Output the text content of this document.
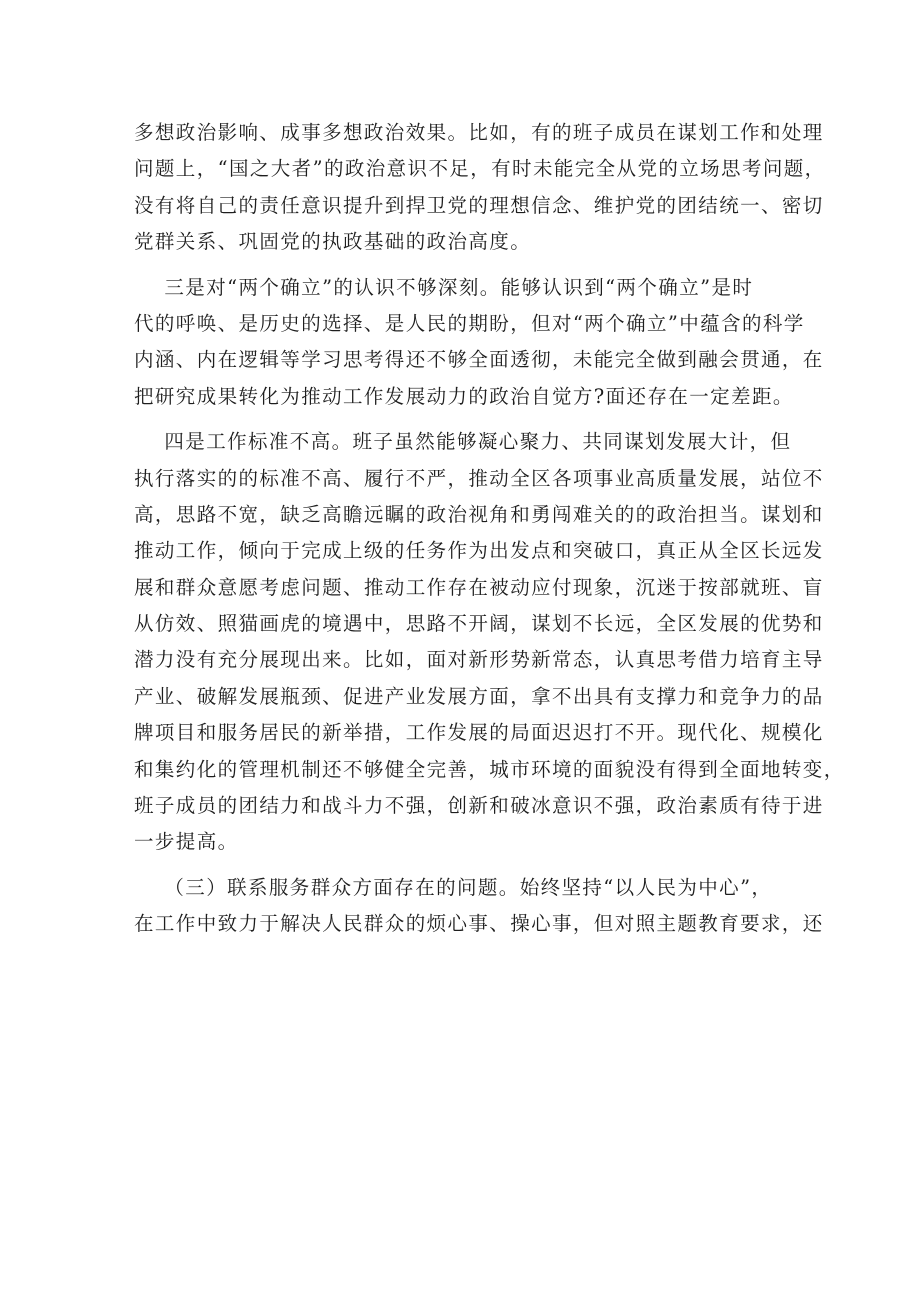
多想政治影响、成事多想政治效果。比如，有的班子成员在谋划工作和处理
问题上，“国之大者”的政治意识不足，有时未能完全从党的立场思考问题，
没有将自己的责任意识提升到捍卫党的理想信念、维护党的团结统一、密切
党群关系、巩固党的执政基础的政治高度。

三是对“两个确立”的认识不够深刻。能够认识到“两个确立”是时
代的呼唤、是历史的选择、是人民的期盼，但对“两个确立”中蕴含的科学
内涵、内在逻辑等学习思考得还不够全面透彻，未能完全做到融会贯通，在
把研究成果转化为推动工作发展动力的政治自觉方?面还存在一定差距。

四是工作标准不高。班子虽然能够凝心聚力、共同谋划发展大计，但
执行落实的的标准不高、履行不严，推动全区各项事业高质量发展，站位不
高，思路不宽，缺乏高瞻远瞩的政治视角和勇闯难关的的政治担当。谋划和
推动工作，倾向于完成上级的任务作为出发点和突破口，真正从全区长远发
展和群众意愿考虑问题、推动工作存在被动应付现象，沉迷于按部就班、盲
从仿效、照猫画虎的境遇中，思路不开阔，谋划不长远，全区发展的优势和
潜力没有充分展现出来。比如，面对新形势新常态，认真思考借力培育主导
产业、破解发展瓶颈、促进产业发展方面，拿不出具有支撑力和竞争力的品
牌项目和服务居民的新举措，工作发展的局面迟迟打不开。现代化、规模化
和集约化的管理机制还不够健全完善，城市环境的面貌没有得到全面地转变，
班子成员的团结力和战斗力不强，创新和破冰意识不强，政治素质有待于进
一步提高。

（三）联系服务群众方面存在的问题。始终坚持“以人民为中心”，
在工作中致力于解决人民群众的烦心事、操心事，但对照主题教育要求，还
